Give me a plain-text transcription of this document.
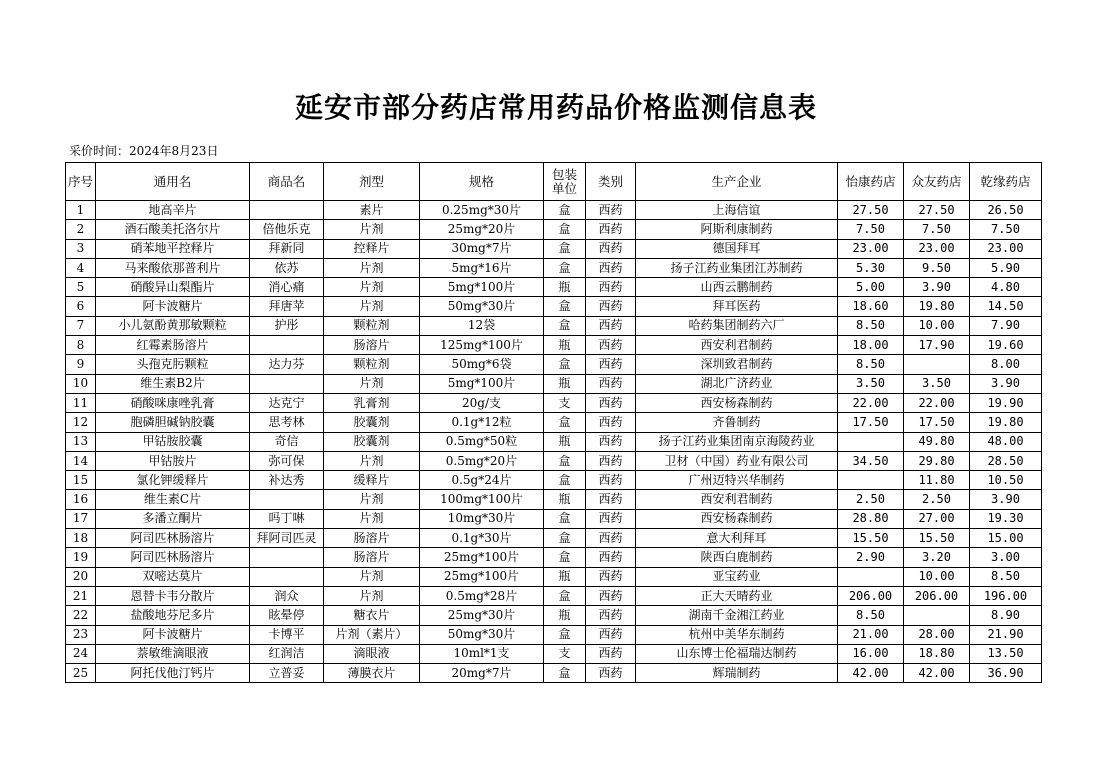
延安市部分药店常用药品价格监测信息表
采价时间：2024年8月23日
序号	通用名	商品名	剂型	规格	包装单位	类别	生产企业	怡康药店	众友药店	乾缘药店
1	地高辛片		素片	0.25mg*30片	盒	西药	上海信谊	27.50	27.50	26.50
2	酒石酸美托洛尔片	倍他乐克	片剂	25mg*20片	盒	西药	阿斯利康制药	7.50	7.50	7.50
3	硝苯地平控释片	拜新同	控释片	30mg*7片	盒	西药	德国拜耳	23.00	23.00	23.00
4	马来酸依那普利片	依苏	片剂	5mg*16片	盒	西药	扬子江药业集团江苏制药	5.30	9.50	5.90
5	硝酸异山梨酯片	消心痛	片剂	5mg*100片	瓶	西药	山西云鹏制药	5.00	3.90	4.80
6	阿卡波糖片	拜唐苹	片剂	50mg*30片	盒	西药	拜耳医药	18.60	19.80	14.50
7	小儿氨酚黄那敏颗粒	护彤	颗粒剂	12袋	盒	西药	哈药集团制药六厂	8.50	10.00	7.90
8	红霉素肠溶片		肠溶片	125mg*100片	瓶	西药	西安利君制药	18.00	17.90	19.60
9	头孢克肟颗粒	达力芬	颗粒剂	50mg*6袋	盒	西药	深圳致君制药	8.50		8.00
10	维生素B2片		片剂	5mg*100片	瓶	西药	湖北广济药业	3.50	3.50	3.90
11	硝酸咪康唑乳膏	达克宁	乳膏剂	20g/支	支	西药	西安杨森制药	22.00	22.00	19.90
12	胞磷胆碱钠胶囊	思考林	胶囊剂	0.1g*12粒	盒	西药	齐鲁制药	17.50	17.50	19.80
13	甲钴胺胶囊	奇信	胶囊剂	0.5mg*50粒	瓶	西药	扬子江药业集团南京海陵药业		49.80	48.00
14	甲钴胺片	弥可保	片剂	0.5mg*20片	盒	西药	卫材（中国）药业有限公司	34.50	29.80	28.50
15	氯化钾缓释片	补达秀	缓释片	0.5g*24片	盒	西药	广州迈特兴华制药		11.80	10.50
16	维生素C片		片剂	100mg*100片	瓶	西药	西安利君制药	2.50	2.50	3.90
17	多潘立酮片	吗丁啉	片剂	10mg*30片	盒	西药	西安杨森制药	28.80	27.00	19.30
18	阿司匹林肠溶片	拜阿司匹灵	肠溶片	0.1g*30片	盒	西药	意大利拜耳	15.50	15.50	15.00
19	阿司匹林肠溶片		肠溶片	25mg*100片	盒	西药	陕西白鹿制药	2.90	3.20	3.00
20	双嘧达莫片		片剂	25mg*100片	瓶	西药	亚宝药业		10.00	8.50
21	恩替卡韦分散片	润众	片剂	0.5mg*28片	盒	西药	正大天晴药业	206.00	206.00	196.00
22	盐酸地芬尼多片	眩晕停	糖衣片	25mg*30片	瓶	西药	湖南千金湘江药业	8.50		8.90
23	阿卡波糖片	卡博平	片剂（素片）	50mg*30片	盒	西药	杭州中美华东制药	21.00	28.00	21.90
24	萘敏维滴眼液	红润洁	滴眼液	10ml*1支	支	西药	山东博士伦福瑞达制药	16.00	18.80	13.50
25	阿托伐他汀钙片	立普妥	薄膜衣片	20mg*7片	盒	西药	辉瑞制药	42.00	42.00	36.90
